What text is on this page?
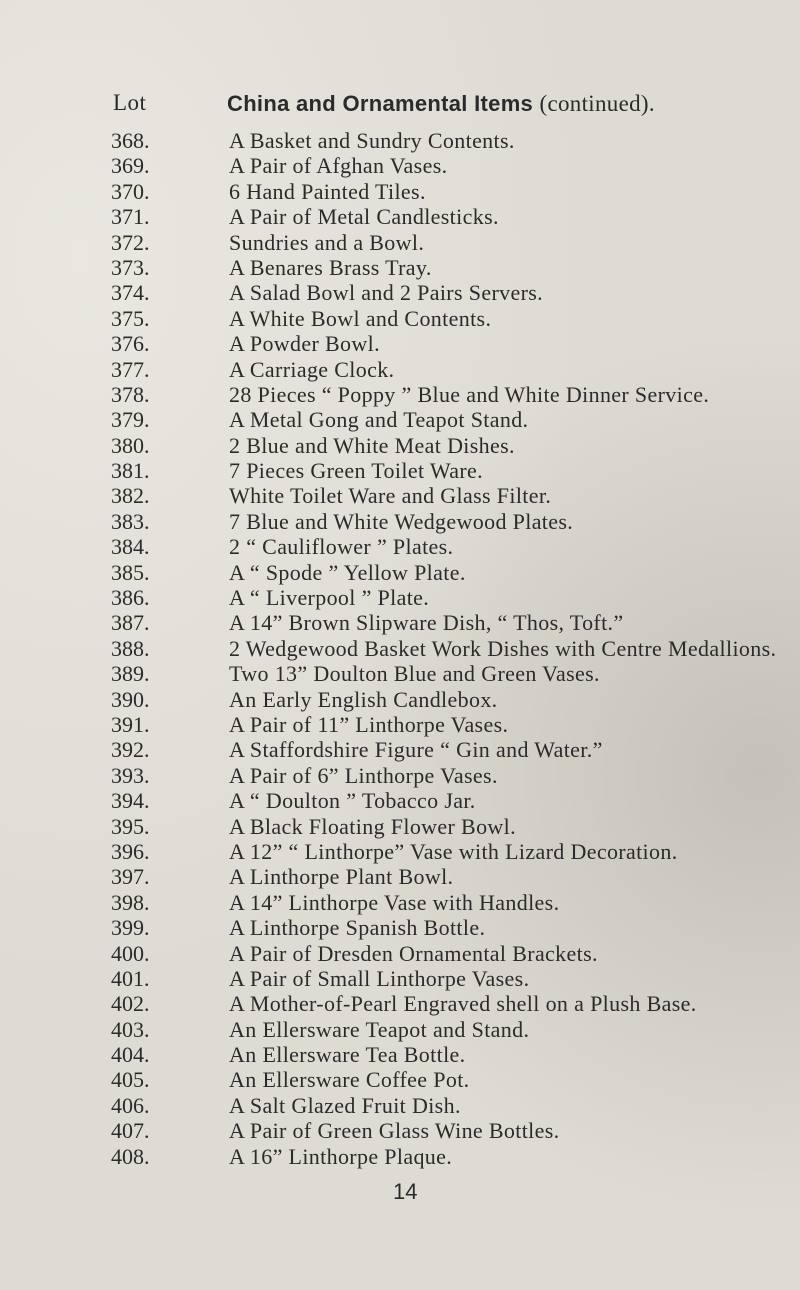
Lot	China and Ornamental Items (continued).
368.	A Basket and Sundry Contents.
369.	A Pair of Afghan Vases.
370.	6 Hand Painted Tiles.
371.	A Pair of Metal Candlesticks.
372.	Sundries and a Bowl.
373.	A Benares Brass Tray.
374.	A Salad Bowl and 2 Pairs Servers.
375.	A White Bowl and Contents.
376.	A Powder Bowl.
377.	A Carriage Clock.
378.	28 Pieces “ Poppy ” Blue and White Dinner Service.
379.	A Metal Gong and Teapot Stand.
380.	2 Blue and White Meat Dishes.
381.	7 Pieces Green Toilet Ware.
382.	White Toilet Ware and Glass Filter.
383.	7 Blue and White Wedgewood Plates.
384.	2 “ Cauliflower ” Plates.
385.	A “ Spode ” Yellow Plate.
386.	A “ Liverpool ” Plate.
387.	A 14” Brown Slipware Dish, “ Thos, Toft.”
388.	2 Wedgewood Basket Work Dishes with Centre Medallions.
389.	Two 13” Doulton Blue and Green Vases.
390.	An Early English Candlebox.
391.	A Pair of 11” Linthorpe Vases.
392.	A Staffordshire Figure “ Gin and Water.”
393.	A Pair of 6” Linthorpe Vases.
394.	A “ Doulton ” Tobacco Jar.
395.	A Black Floating Flower Bowl.
396.	A 12” “ Linthorpe” Vase with Lizard Decoration.
397.	A Linthorpe Plant Bowl.
398.	A 14” Linthorpe Vase with Handles.
399.	A Linthorpe Spanish Bottle.
400.	A Pair of Dresden Ornamental Brackets.
401.	A Pair of Small Linthorpe Vases.
402.	A Mother-of-Pearl Engraved shell on a Plush Base.
403.	An Ellersware Teapot and Stand.
404.	An Ellersware Tea Bottle.
405.	An Ellersware Coffee Pot.
406.	A Salt Glazed Fruit Dish.
407.	A Pair of Green Glass Wine Bottles.
408.	A 16” Linthorpe Plaque.
14
